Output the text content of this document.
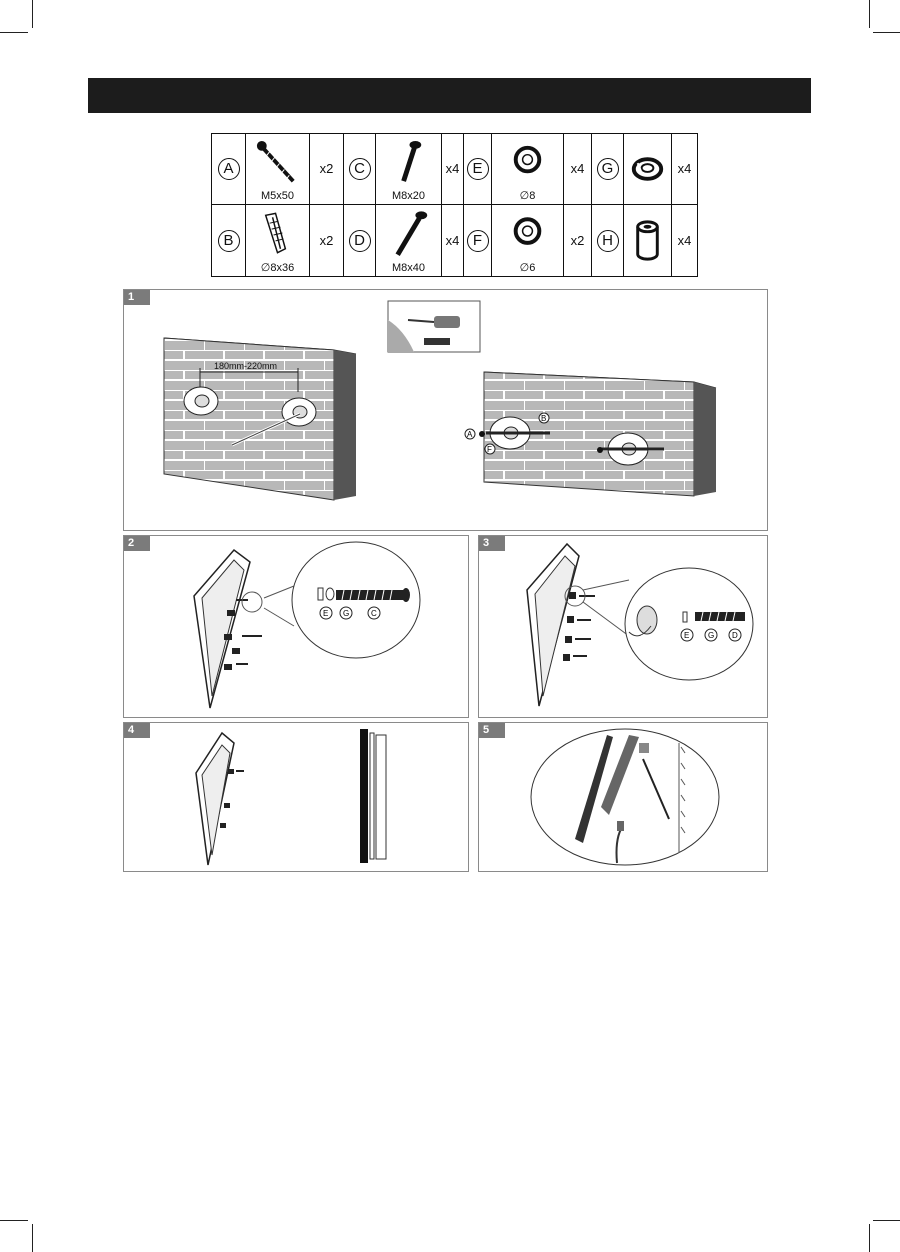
A	M5x50	x2	C	M8x20	x4	E	∅8	x4	G		x4
B	∅8x36	x2	D	M8x40	x4	F	∅6	x2	H		x4
1
180mm-220mm
A
B
F
2
E G	C
3
E G D
4	5
